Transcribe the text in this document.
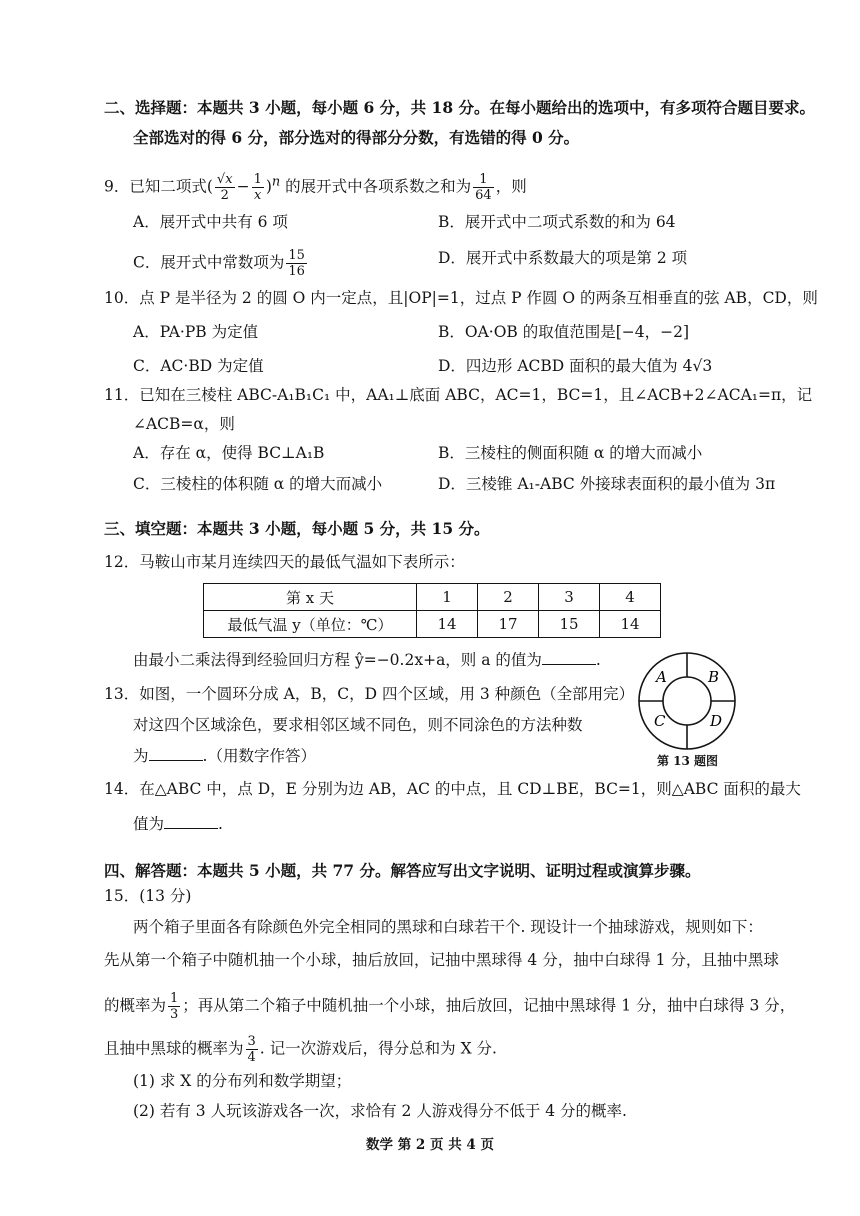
二、选择题：本题共 3 小题，每小题 6 分，共 18 分。在每小题给出的选项中，有多项符合题目要求。
全部选对的得 6 分，部分选对的得部分分数，有选错的得 0 分。
9．已知二项式( $\frac{√x}{2} - \frac{1}{x} )^n$ 的展开式中各项系数之和为 $\frac{1}{64}$ ，则
A．展开式中共有 6 项	B．展开式中二项式系数的和为 64
C．展开式中常数项为 $\frac{15}{16}$	D．展开式中系数最大的项是第 2 项
10．点 P 是半径为 2 的圆 O 内一定点，且|OP|=1，过点 P 作圆 O 的两条互相垂直的弦 AB，CD，则
A．PA·PB 为定值	B．OA·OB 的取值范围是[−4，−2]
C．AC·BD 为定值	D．四边形 ACBD 面积的最大值为 4√3
11．已知在三棱柱 ABC-A₁B₁C₁ 中，AA₁⊥底面 ABC，AC=1，BC=1，且∠ACB+2∠ACA₁=π，记
∠ACB=α，则
A．存在 α，使得 BC⊥A₁B	B．三棱柱的侧面积随 α 的增大而减小
C．三棱柱的体积随 α 的增大而减小	D．三棱锥 A₁-ABC 外接球表面积的最小值为 3π
三、填空题：本题共 3 小题，每小题 5 分，共 15 分。
12．马鞍山市某月连续四天的最低气温如下表所示：
第 x 天	1	2	3	4
最低气温 y（单位：℃）	14	17	15	14
由最小二乘法得到经验回归方程 ŷ=−0.2x+a，则 a 的值为	.
13．如图，一个圆环分成 A，B，C，D 四个区域，用 3 种颜色（全部用完）
对这四个区域涂色，要求相邻区域不同色，则不同涂色的方法种数
为	.（用数字作答）
A	B
C	D
第 13 题图
14．在△ABC 中，点 D，E 分别为边 AB，AC 的中点，且 CD⊥BE，BC=1，则△ABC 面积的最大
值为	.
四、解答题：本题共 5 小题，共 77 分。解答应写出文字说明、证明过程或演算步骤。
15．(13 分)
两个箱子里面各有除颜色外完全相同的黑球和白球若干个. 现设计一个抽球游戏，规则如下：
先从第一个箱子中随机抽一个小球，抽后放回，记抽中黑球得 4 分，抽中白球得 1 分，且抽中黑球
的概率为 $\frac{1}{3}$ ；再从第二个箱子中随机抽一个小球，抽后放回，记抽中黑球得 1 分，抽中白球得 3 分，
且抽中黑球的概率为 $\frac{3}{4}$ . 记一次游戏后，得分总和为 X 分.
(1) 求 X 的分布列和数学期望；
(2) 若有 3 人玩该游戏各一次，求恰有 2 人游戏得分不低于 4 分的概率.
数学 第 2 页 共 4 页
